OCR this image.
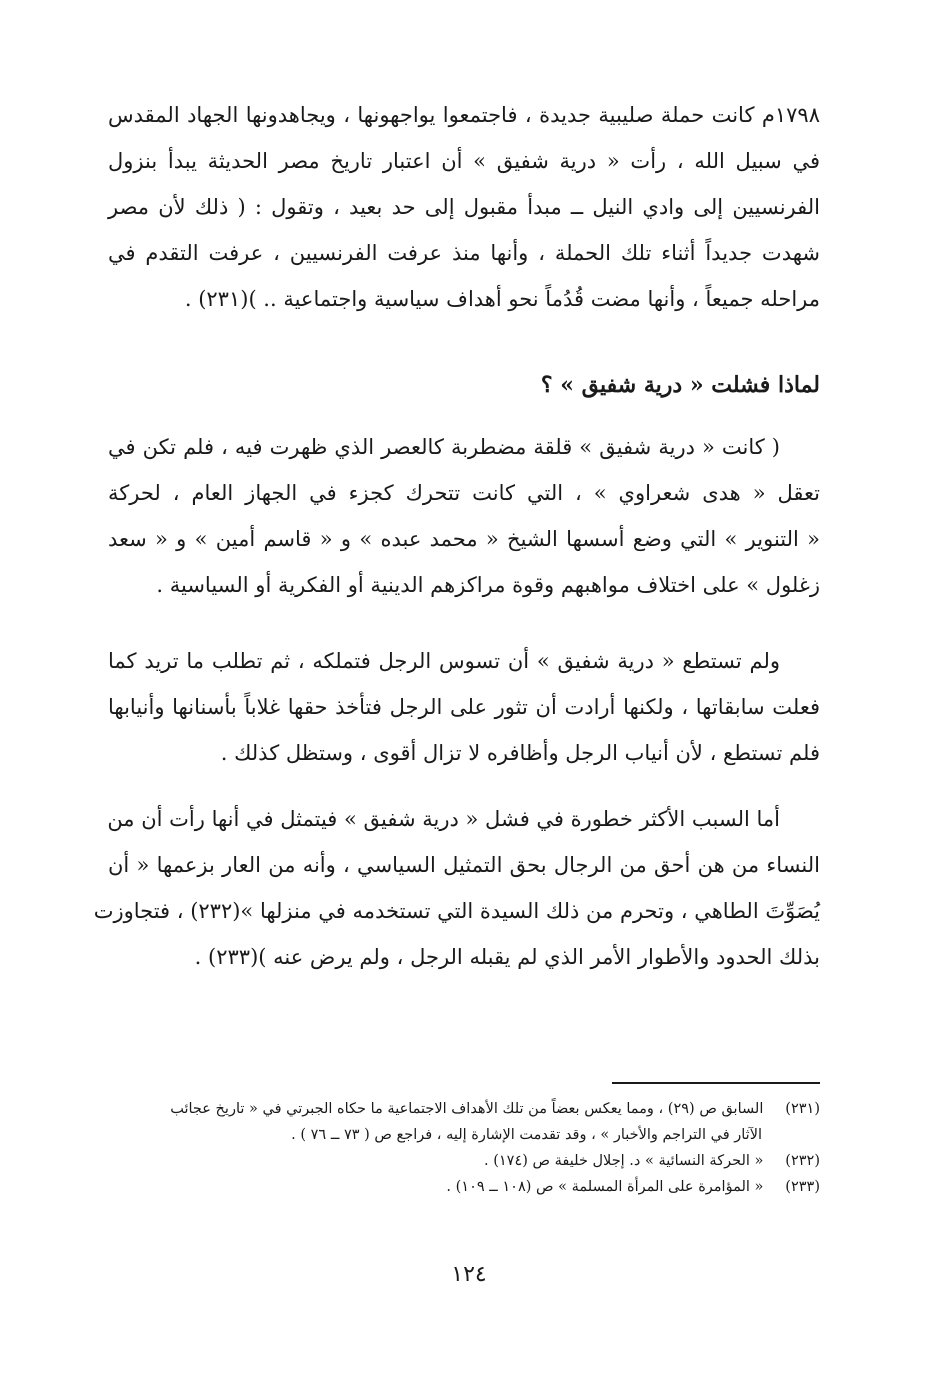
١٧٩٨م كانت حملة صليبية جديدة ، فاجتمعوا يواجهونها ، ويجاهدونها الجهاد المقدس
في سبيل الله ، رأت « درية شفيق » أن اعتبار تاريخ مصر الحديثة يبدأ بنزول
الفرنسيين إلى وادي النيل ــ مبدأ مقبول إلى حد بعيد ، وتقول : ( ذلك لأن مصر
شهدت جديداً أثناء تلك الحملة ، وأنها منذ عرفت الفرنسيين ، عرفت التقدم في
مراحله جميعاً ، وأنها مضت قُدُماً نحو أهداف سياسية واجتماعية .. )(٢٣١) .
لماذا فشلت « درية شفيق » ؟
( كانت « درية شفيق » قلقة مضطربة كالعصر الذي ظهرت فيه ، فلم تكن في
تعقل « هدى شعراوي » ، التي كانت تتحرك كجزء في الجهاز العام ، لحركة
« التنوير » التي وضع أسسها الشيخ « محمد عبده » و « قاسم أمين » و « سعد
زغلول » على اختلاف مواهبهم وقوة مراكزهم الدينية أو الفكرية أو السياسية .
ولم تستطع « درية شفيق » أن تسوس الرجل فتملكه ، ثم تطلب ما تريد كما
فعلت سابقاتها ، ولكنها أرادت أن تثور على الرجل فتأخذ حقها غلاباً بأسنانها وأنيابها
فلم تستطع ، لأن أنياب الرجل وأظافره لا تزال أقوى ، وستظل كذلك .
أما السبب الأكثر خطورة في فشل « درية شفيق » فيتمثل في أنها رأت أن من
النساء من هن أحق من الرجال بحق التمثيل السياسي ، وأنه من العار بزعمها « أن
يُصَوِّتَ الطاهي ، وتحرم من ذلك السيدة التي تستخدمه في منزلها »(٢٣٢) ، فتجاوزت
بذلك الحدود والأطوار الأمر الذي لم يقبله الرجل ، ولم يرض عنه )(٢٣٣) .
(٢٣١) السابق ص (٢٩) ، ومما يعكس بعضاً من تلك الأهداف الاجتماعية ما حكاه الجبرتي في « تاريخ عجائب
الآثار في التراجم والأخبار » ، وقد تقدمت الإشارة إليه ، فراجع ص ( ٧٣ ــ ٧٦ ) .
(٢٣٢) « الحركة النسائية » د. إجلال خليفة ص (١٧٤) .
(٢٣٣) « المؤامرة على المرأة المسلمة » ص (١٠٨ ــ ١٠٩) .
١٢٤
